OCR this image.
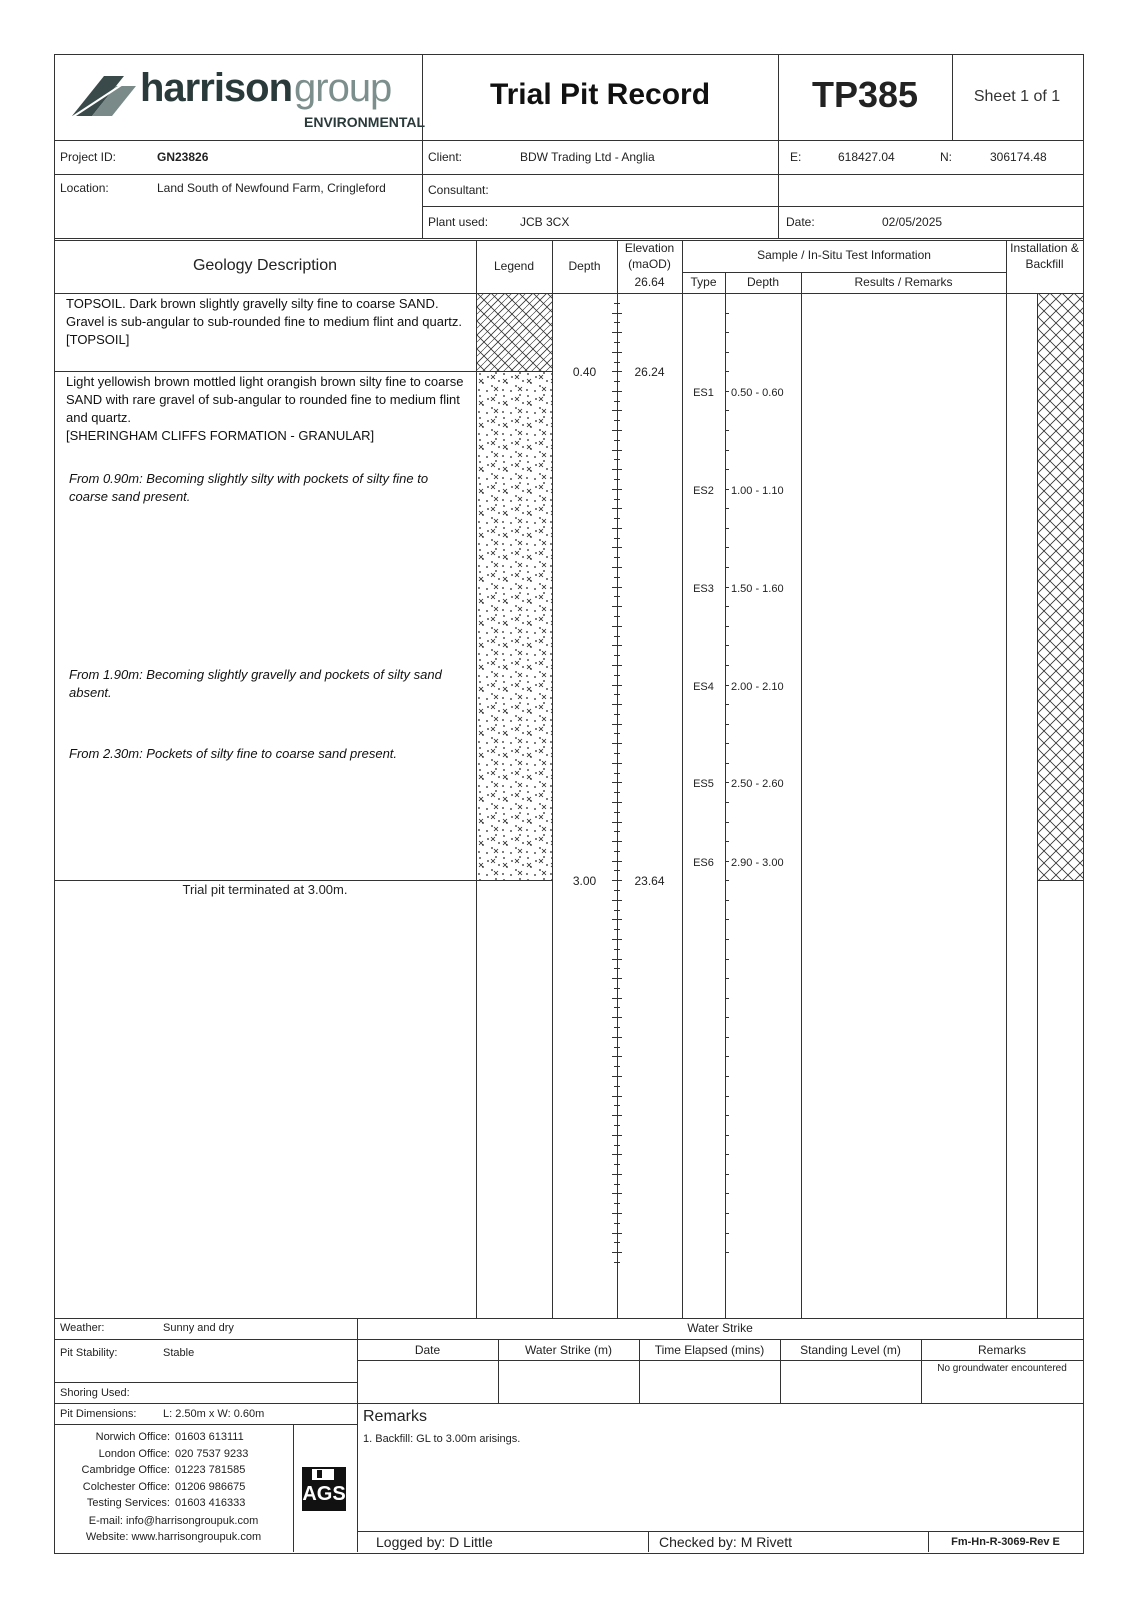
harrison group
ENVIRONMENTAL
Trial Pit Record	TP385	Sheet 1 of 1
Project ID:	GN23826	Client:	BDW Trading Ltd - Anglia	E:	618427.04	N:	306174.48
Location:	Land South of Newfound Farm, Cringleford	Consultant:
Plant used:	JCB 3CX	Date:	02/05/2025
Geology Description	Legend	Depth
Elevation
(maOD)
26.64
Sample / In-Situ Test Information
Type	Depth	Results / Remarks
Installation &
Backfill
TOPSOIL. Dark brown slightly gravelly silty fine to coarse SAND. Gravel is sub-angular to sub-rounded fine to medium flint and quartz.
[TOPSOIL]
Light yellowish brown mottled light orangish brown silty fine to coarse SAND with rare gravel of sub-angular to rounded fine to medium flint and quartz.
[SHERINGHAM CLIFFS FORMATION - GRANULAR]
From 0.90m: Becoming slightly silty with pockets of silty fine to coarse sand present.
From 1.90m: Becoming slightly gravelly and pockets of silty sand absent.
From 2.30m: Pockets of silty fine to coarse sand present.
Trial pit terminated at 3.00m.
0.40	26.24
3.00	23.64
ES1	0.50 - 0.60
ES2	1.00 - 1.10
ES3	1.50 - 1.60
ES4	2.00 - 2.10
ES5	2.50 - 2.60
ES6	2.90 - 3.00
Weather:	Sunny and dry
Pit Stability:	Stable
Shoring Used:
Pit Dimensions: L: 2.50m x W: 0.60m
Norwich Office: 01603 613111
London Office: 020 7537 9233
Cambridge Office: 01223 781585
Colchester Office: 01206 986675
Testing Services: 01603 416333
E-mail: info@harrisongroupuk.com
Website: www.harrisongroupuk.com
AGS
Water Strike
Date	Water Strike (m)	Time Elapsed (mins)	Standing Level (m)	Remarks
No groundwater encountered
Remarks
1. Backfill: GL to 3.00m arisings.
Logged by: D Little	Checked by: M Rivett	Fm-Hn-R-3069-Rev E
